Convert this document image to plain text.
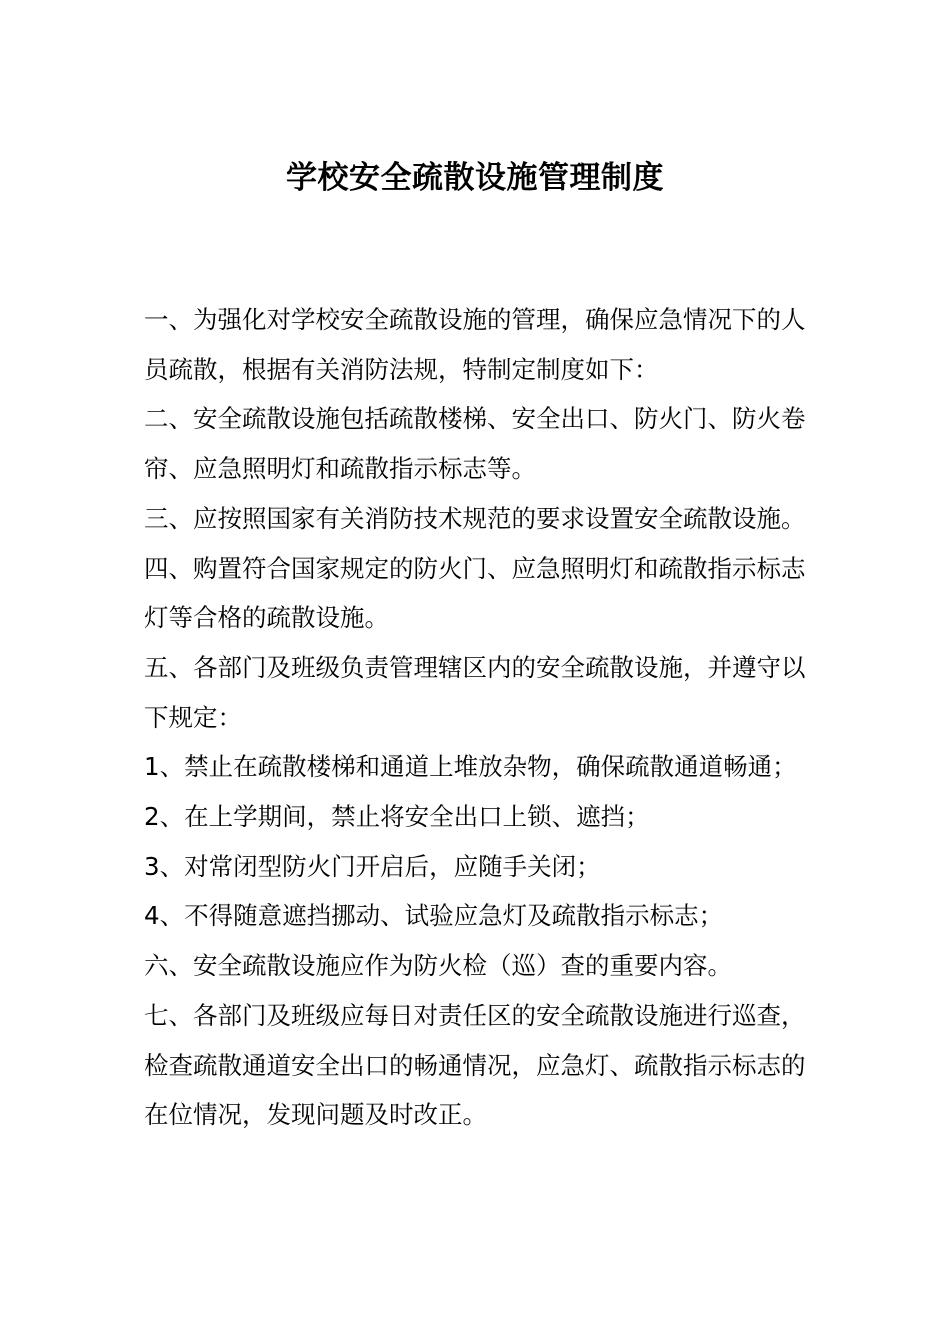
学校安全疏散设施管理制度

一、为强化对学校安全疏散设施的管理，确保应急情况下的人员疏散，根据有关消防法规，特制定制度如下：

二、安全疏散设施包括疏散楼梯、安全出口、防火门、防火卷帘、应急照明灯和疏散指示标志等。

三、应按照国家有关消防技术规范的要求设置安全疏散设施。

四、购置符合国家规定的防火门、应急照明灯和疏散指示标志灯等合格的疏散设施。

五、各部门及班级负责管理辖区内的安全疏散设施，并遵守以下规定：

1、禁止在疏散楼梯和通道上堆放杂物，确保疏散通道畅通；

2、在上学期间，禁止将安全出口上锁、遮挡；

3、对常闭型防火门开启后，应随手关闭；

4、不得随意遮挡挪动、试验应急灯及疏散指示标志；

六、安全疏散设施应作为防火检（巡）查的重要内容。

七、各部门及班级应每日对责任区的安全疏散设施进行巡查，检查疏散通道安全出口的畅通情况，应急灯、疏散指示标志的在位情况，发现问题及时改正。
